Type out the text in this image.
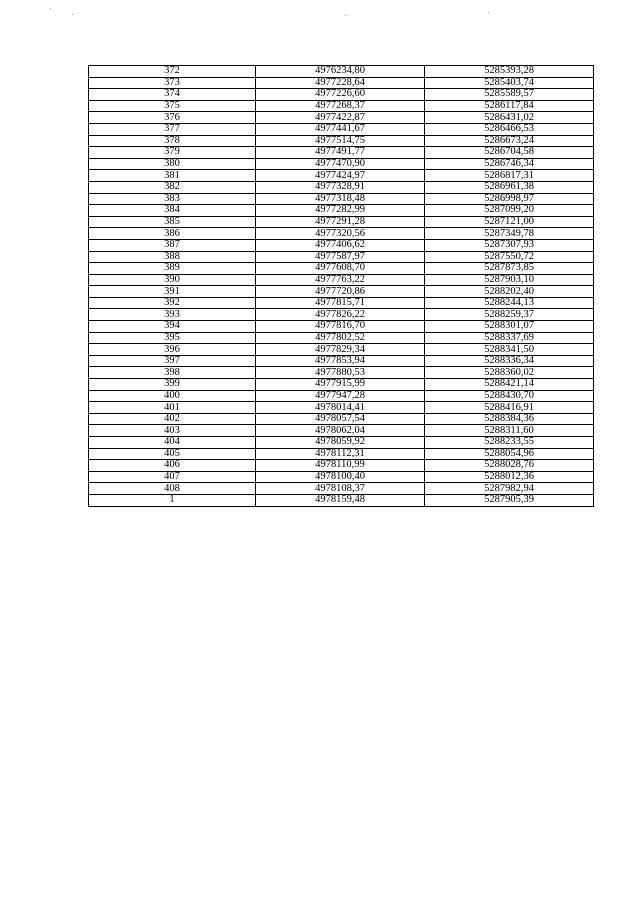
372	4976234,80	5285393,28
373	4977228,64	5285403,74
374	4977226,60	5285589,57
375	4977268,37	5286117,84
376	4977422,87	5286431,02
377	4977441,67	5286466,53
378	4977514,75	5286673,24
379	4977491,77	5286704,58
380	4977470,90	5286746,34
381	4977424,97	5286817,31
382	4977328,91	5286961,38
383	4977318,48	5286998,97
384	4977282,99	5287099,20
385	4977291,28	5287121,00
386	4977320,56	5287349,78
387	4977406,62	5287307,93
388	4977587,97	5287550,72
389	4977608,70	5287873,85
390	4977763,22	5287903,10
391	4977720,86	5288202,40
392	4977815,71	5288244,13
393	4977826,22	5288259,37
394	4977816,70	5288301,07
395	4977802,52	5288337,69
396	4977829,34	5288341,50
397	4977853,94	5288336,34
398	4977880,53	5288360,02
399	4977915,99	5288421,14
400	4977947,28	5288430,70
401	4978014,41	5288416,91
402	4978057,54	5288384,36
403	4978062,04	5288311,60
404	4978059,92	5288233,55
405	4978112,31	5288054,96
406	4978110,99	5288028,76
407	4978100,40	5288012,36
408	4978108,37	5287982,94
1	4978159,48	5287905,39
